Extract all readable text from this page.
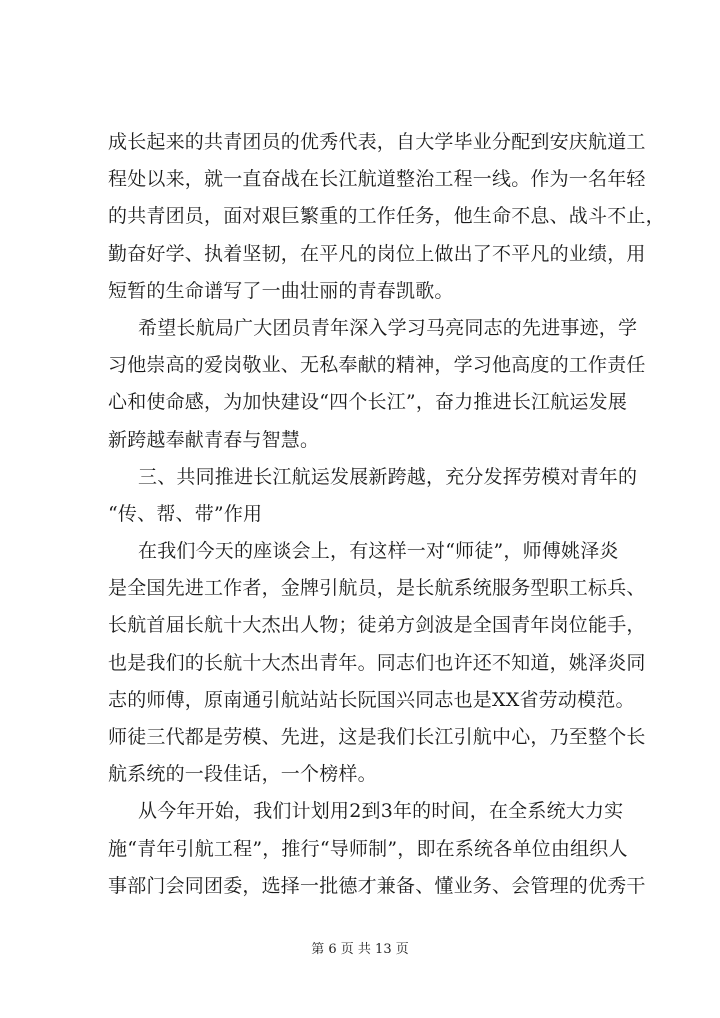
成长起来的共青团员的优秀代表，自大学毕业分配到安庆航道工
程处以来，就一直奋战在长江航道整治工程一线。作为一名年轻
的共青团员，面对艰巨繁重的工作任务，他生命不息、战斗不止，
勤奋好学、执着坚韧，在平凡的岗位上做出了不平凡的业绩，用
短暂的生命谱写了一曲壮丽的青春凯歌。
希望长航局广大团员青年深入学习马亮同志的先进事迹，学
习他崇高的爱岗敬业、无私奉献的精神，学习他高度的工作责任
心和使命感，为加快建设“四个长江”，奋力推进长江航运发展
新跨越奉献青春与智慧。
三、共同推进长江航运发展新跨越，充分发挥劳模对青年的
“传、帮、带”作用
在我们今天的座谈会上，有这样一对“师徒”，师傅姚泽炎
是全国先进工作者，金牌引航员，是长航系统服务型职工标兵、
长航首届长航十大杰出人物；徒弟方剑波是全国青年岗位能手，
也是我们的长航十大杰出青年。同志们也许还不知道，姚泽炎同
志的师傅，原南通引航站站长阮国兴同志也是XX省劳动模范。
师徒三代都是劳模、先进，这是我们长江引航中心，乃至整个长
航系统的一段佳话，一个榜样。
从今年开始，我们计划用2到3年的时间，在全系统大力实
施“青年引航工程”，推行“导师制”，即在系统各单位由组织人
事部门会同团委，选择一批德才兼备、懂业务、会管理的优秀干
第 6 页 共 13 页
